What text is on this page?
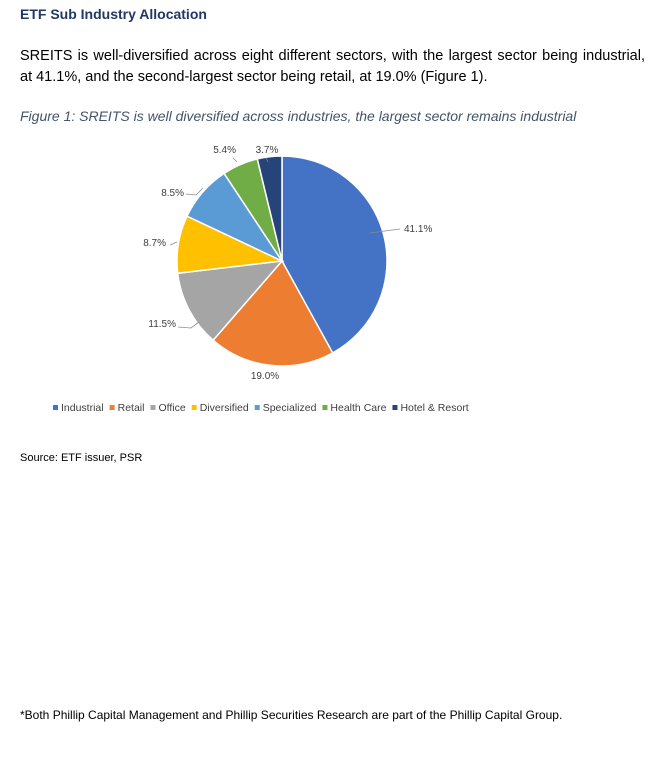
ETF Sub Industry Allocation
SREITS is well-diversified across eight different sectors, with the largest sector being industrial, at 41.1%, and the second-largest sector being retail, at 19.0% (Figure 1).
Figure 1: SREITS is well diversified across industries, the largest sector remains industrial
41.1%
19.0%
11.5%
8.7%
8.5%
5.4% 3.7%
Industrial Retail Office Diversified Specialized Health Care Hotel & Resort
Source: ETF issuer, PSR
*Both Phillip Capital Management and Phillip Securities Research are part of the Phillip Capital Group.
